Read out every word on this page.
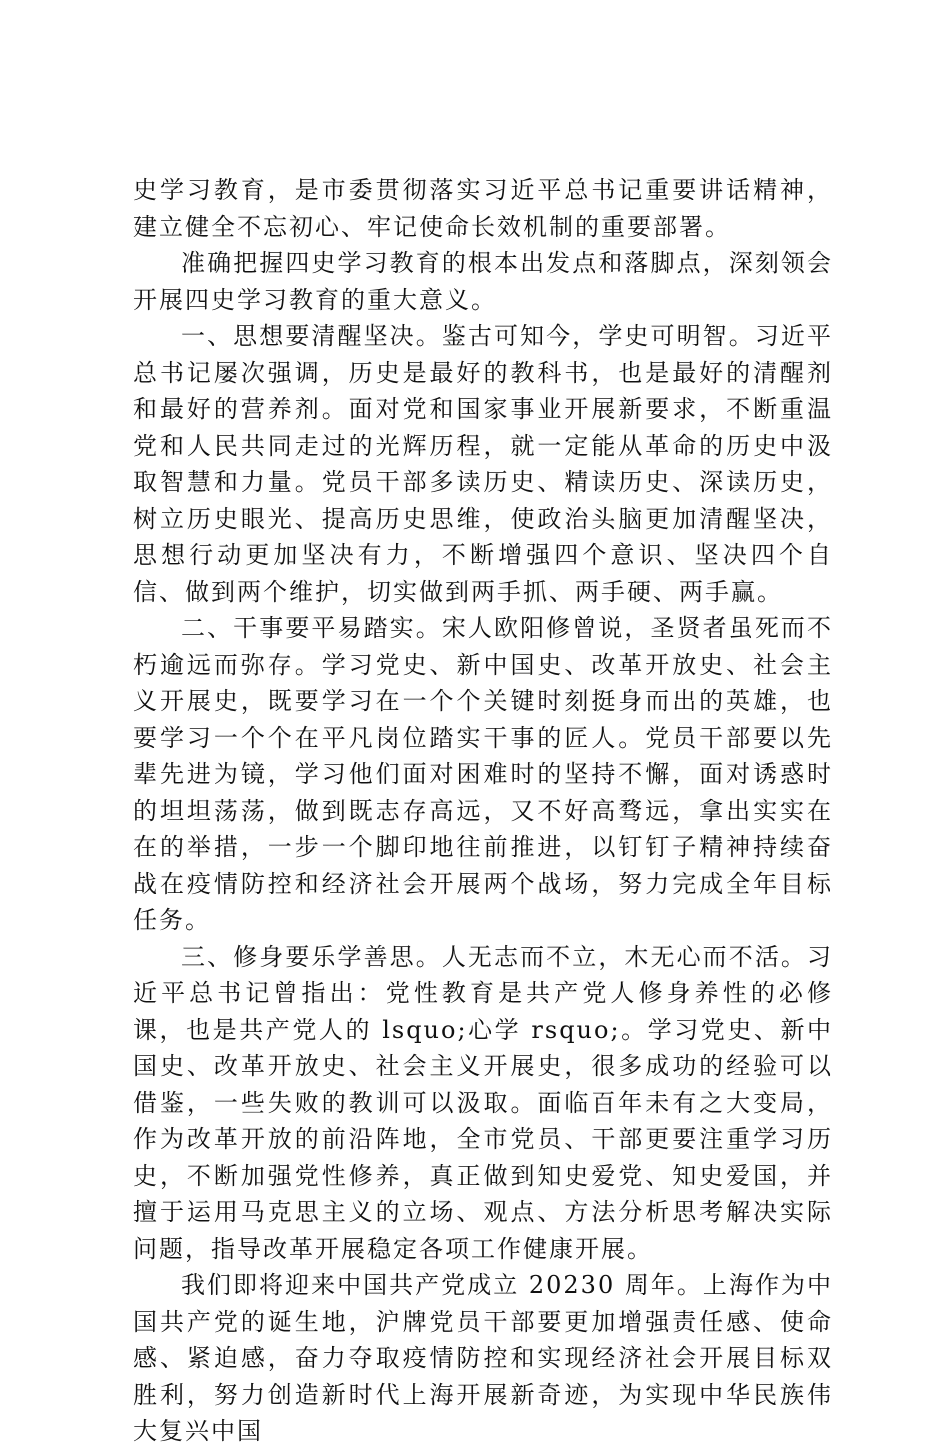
史学习教育，是市委贯彻落实习近平总书记重要讲话精神，建立健全不忘初心、牢记使命长效机制的重要部署。

准确把握四史学习教育的根本出发点和落脚点，深刻领会开展四史学习教育的重大意义。

一、思想要清醒坚决。鉴古可知今，学史可明智。习近平总书记屡次强调，历史是最好的教科书，也是最好的清醒剂和最好的营养剂。面对党和国家事业开展新要求，不断重温党和人民共同走过的光辉历程，就一定能从革命的历史中汲取智慧和力量。党员干部多读历史、精读历史、深读历史，树立历史眼光、提高历史思维，使政治头脑更加清醒坚决，思想行动更加坚决有力，不断增强四个意识、坚决四个自信、做到两个维护，切实做到两手抓、两手硬、两手赢。

二、干事要平易踏实。宋人欧阳修曾说，圣贤者虽死而不朽逾远而弥存。学习党史、新中国史、改革开放史、社会主义开展史，既要学习在一个个关键时刻挺身而出的英雄，也要学习一个个在平凡岗位踏实干事的匠人。党员干部要以先辈先进为镜，学习他们面对困难时的坚持不懈，面对诱惑时的坦坦荡荡，做到既志存高远，又不好高骛远，拿出实实在在的举措，一步一个脚印地往前推进，以钉钉子精神持续奋战在疫情防控和经济社会开展两个战场，努力完成全年目标任务。

三、修身要乐学善思。人无志而不立，木无心而不活。习近平总书记曾指出：党性教育是共产党人修身养性的必修课，也是共产党人的 lsquo;心学 rsquo;。学习党史、新中国史、改革开放史、社会主义开展史，很多成功的经验可以借鉴，一些失败的教训可以汲取。面临百年未有之大变局，作为改革开放的前沿阵地，全市党员、干部更要注重学习历史，不断加强党性修养，真正做到知史爱党、知史爱国，并擅于运用马克思主义的立场、观点、方法分析思考解决实际问题，指导改革开展稳定各项工作健康开展。

我们即将迎来中国共产党成立 20230 周年。上海作为中国共产党的诞生地，沪牌党员干部要更加增强责任感、使命感、紧迫感，奋力夺取疫情防控和实现经济社会开展目标双胜利，努力创造新时代上海开展新奇迹，为实现中华民族伟大复兴中国
